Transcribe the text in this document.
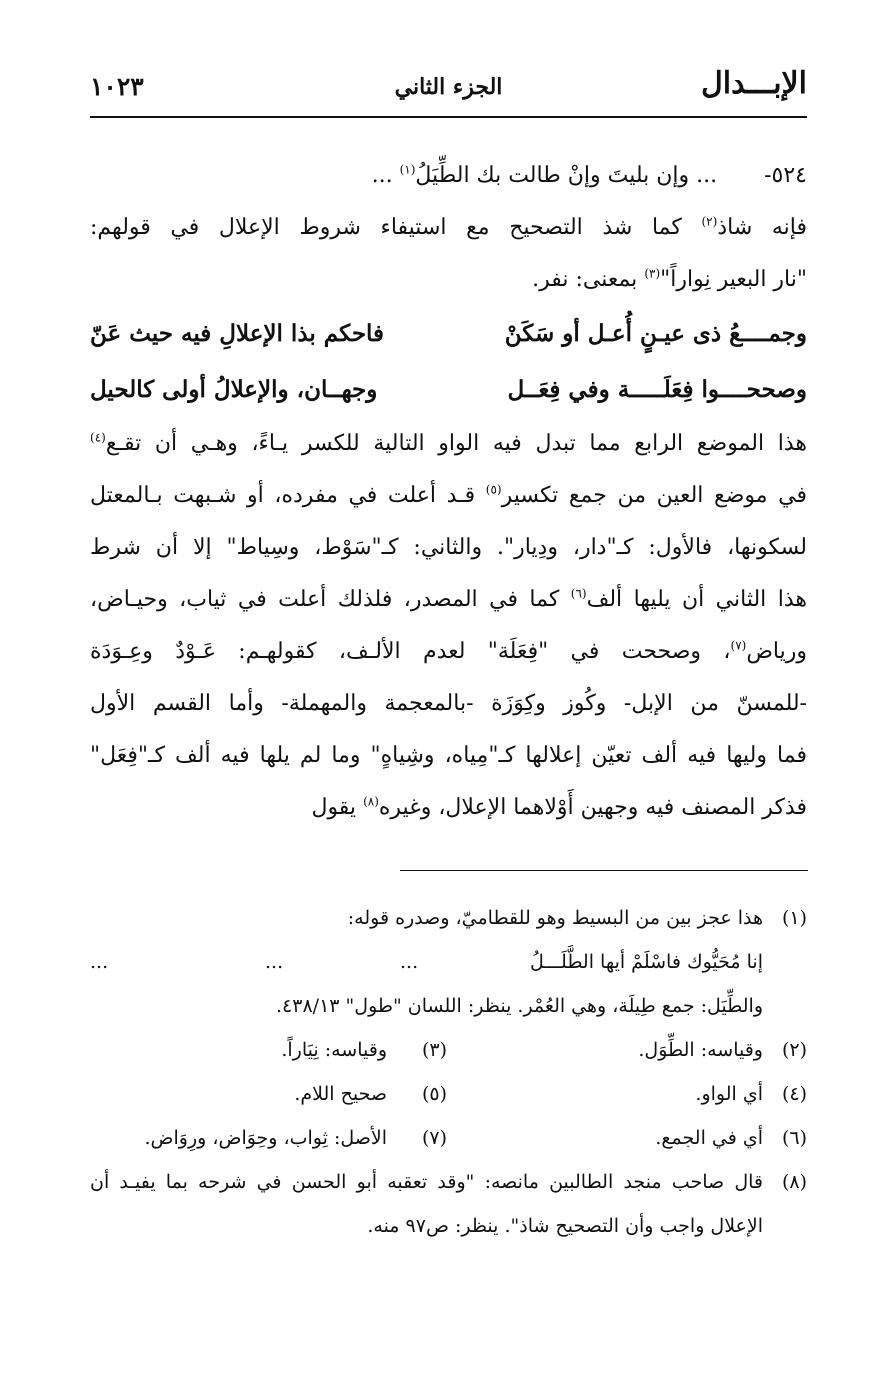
الإبـــدال
الجزء الثاني
١٠٢٣
٥٢٤- ... وإن بليتَ وإنْ طالت بك الطِّيَلُ$^{(١)}$ ...
فإنه شاذ$^{(٢)}$ كما شذ التصحيح مع استيفاء شروط الإعلال في قولهم:
"نار البعير نِواراً"$^{(٣)}$ بمعنى: نفر.
وجمــــعُ ذى عيـنٍ أُعـل أو سَكَنْ
فاحكم بذا الإعلالِ فيه حيث عَنّ
وصححــــوا فِعَلَـــــة وفي فِعَــل
وجهــان، والإعلالُ أولى كالحيل
هذا الموضع الرابع مما تبدل فيه الواو التالية للكسر يـاءً، وهـي أن تقـع$^{(٤)}$
في موضع العين من جمع تكسير$^{(٥)}$ قـد أعلت في مفرده، أو شـبهت بـالمعتل
لسكونها، فالأول: كـ"دار، ودِيار". والثاني: كـ"سَوْط، وسِياط" إلا أن شرط
هذا الثاني أن يليها ألف$^{(٦)}$ كما في المصدر، فلذلك أعلت في ثياب، وحيـاض،
ورياض$^{(٧)}$، وصححت في "فِعَلَة" لعدم الألـف، كقولهـم: عَـوْدٌ وعِـوَدَة
-للمسنّ من الإبل- وكُوز وكِوَزَة -بالمعجمة والمهملة- وأما القسم الأول
فما وليها فيه ألف تعيّن إعلالها كـ"مِياه، وشِياهٍ" وما لم يلها فيه ألف كـ"فِعَل"
فذكر المصنف فيه وجهين أَوْلاهما الإعلال، وغيره$^{(٨)}$ يقول
(١)
هذا عجز بين من البسيط وهو للقطاميّ، وصدره قوله:
إنا مُحَيُّوك فاسْلَمْ أيها الطَّلَـــلُ
...
...
...
والطِّيَل: جمع طِيلَة، وهي العُمْر. ينظر: اللسان "طول" ٤٣٨/١٣.
(٢)
وقياسه: الطِّوَل.
(٣)
وقياسه: نِيَاراً.
(٤)
أي الواو.
(٥)
صحيح اللام.
(٦)
أي في الجمع.
(٧)
الأصل: ثِواب، وحِوَاض، ورِوَاض.
(٨)
قال صاحب منجد الطالبين مانصه: "وقد تعقبه أبو الحسن في شرحه بما يفيـد أن
الإعلال واجب وأن التصحيح شاذ". ينظر: ص٩٧ منه.
